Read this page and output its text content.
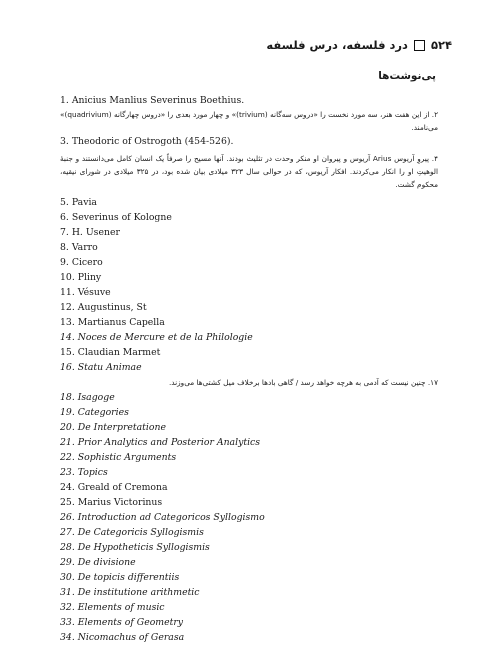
۵۲۴
درد فلسفه، درس فلسفه
پی‌نوشت‌ها
1. Anicius Manlius Severinus Boethius.
۲. از این هفت هنر، سه مورد نخست را «دروس سه‌گانه (trivium)» و چهار مورد بعدی را «دروس چهارگانه (quadrivium)» می‌نامند.
3. Theodoric of Ostrogoth (454-526).
۴. پیروِ آریوس Arius آریوس و پیروان او منکر وحدت در تثلیث بودند. آنها مسیح را صرفاً یک انسان کامل می‌دانستند و جنبهٔ الوهیتِ او را انکار می‌کردند. افکار آریوس، که در حوالی سال ۳۲۳ میلادی بیان شده بود، در ۳۲۵ میلادی در شورای نیقیه، محکوم گشت.
5. Pavia
6. Severinus of Kologne
7. H. Usener
8. Varro
9. Cicero
10. Pliny
11. Vésuve
12. Augustinus, St
13. Martianus Capella
14. Noces de Mercure et de la Philologie
15. Claudian Marmet
16. Statu Animae
۱۷. چنین نیست که آدمی به هرچه خواهد رسد / گاهی بادها برخلاف میل کشتی‌ها می‌وزند.
18. Isagoge
19. Categories
20. De Interpretatione
21. Prior Analytics and Posterior Analytics
22. Sophistic Arguments
23. Topics
24. Greald of Cremona
25. Marius Victorinus
26. Introduction ad Categoricos Syllogismo
27. De Categoricis Syllogismis
28. De Hypotheticis Syllogismis
29. De divisione
30. De topicis differentiis
31. De institutione arithmetic
32. Elements of music
33. Elements of Geometry
34. Nicomachus of Gerasa
